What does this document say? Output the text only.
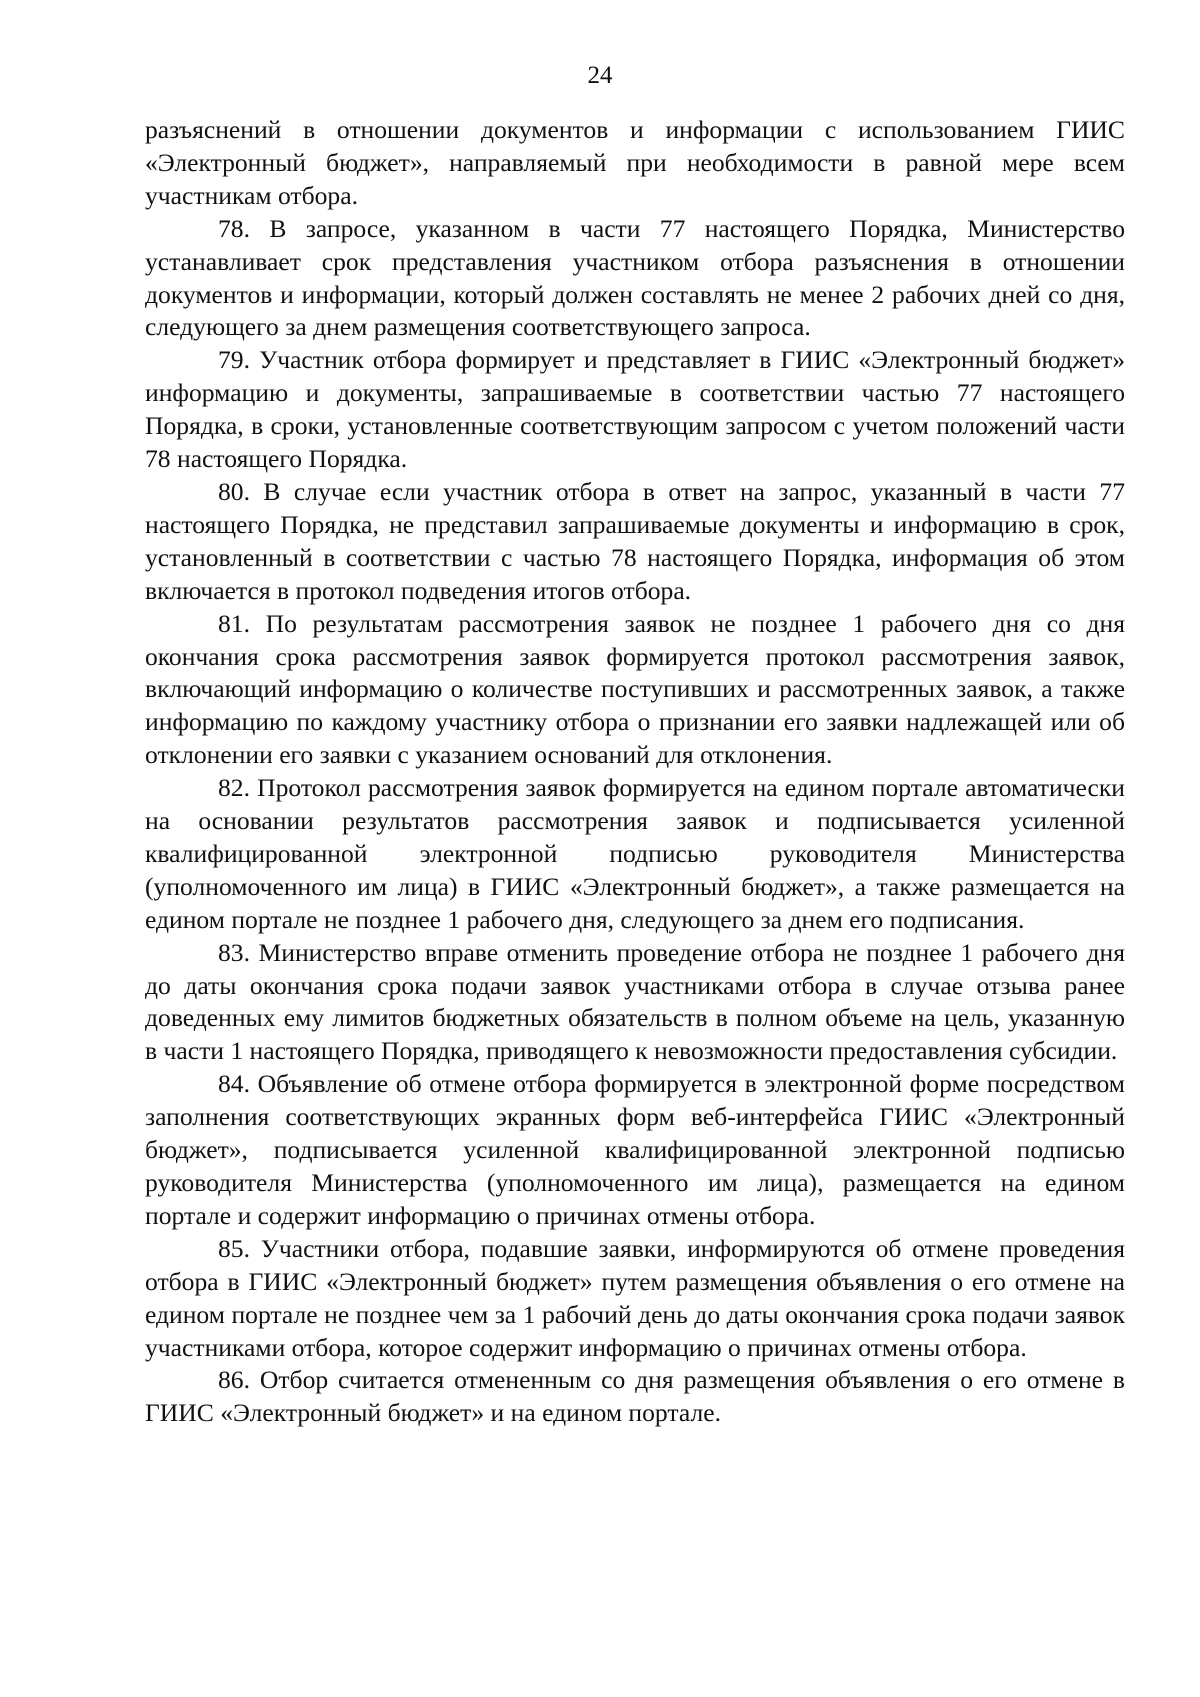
24

разъяснений в отношении документов и информации с использованием ГИИС «Электронный бюджет», направляемый при необходимости в равной мере всем участникам отбора.

78. В запросе, указанном в части 77 настоящего Порядка, Министерство устанавливает срок представления участником отбора разъяснения в отношении документов и информации, который должен составлять не менее 2 рабочих дней со дня, следующего за днем размещения соответствующего запроса.

79. Участник отбора формирует и представляет в ГИИС «Электронный бюджет» информацию и документы, запрашиваемые в соответствии частью 77 настоящего Порядка, в сроки, установленные соответствующим запросом с учетом положений части 78 настоящего Порядка.

80. В случае если участник отбора в ответ на запрос, указанный в части 77 настоящего Порядка, не представил запрашиваемые документы и информацию в срок, установленный в соответствии с частью 78 настоящего Порядка, информация об этом включается в протокол подведения итогов отбора.

81. По результатам рассмотрения заявок не позднее 1 рабочего дня со дня окончания срока рассмотрения заявок формируется протокол рассмотрения заявок, включающий информацию о количестве поступивших и рассмотренных заявок, а также информацию по каждому участнику отбора о признании его заявки надлежащей или об отклонении его заявки с указанием оснований для отклонения.

82. Протокол рассмотрения заявок формируется на едином портале автоматически на основании результатов рассмотрения заявок и подписывается усиленной квалифицированной электронной подписью руководителя Министерства (уполномоченного им лица) в ГИИС «Электронный бюджет», а также размещается на едином портале не позднее 1 рабочего дня, следующего за днем его подписания.

83. Министерство вправе отменить проведение отбора не позднее 1 рабочего дня до даты окончания срока подачи заявок участниками отбора в случае отзыва ранее доведенных ему лимитов бюджетных обязательств в полном объеме на цель, указанную в части 1 настоящего Порядка, приводящего к невозможности предоставления субсидии.

84. Объявление об отмене отбора формируется в электронной форме посредством заполнения соответствующих экранных форм веб-интерфейса ГИИС «Электронный бюджет», подписывается усиленной квалифицированной электронной подписью руководителя Министерства (уполномоченного им лица), размещается на едином портале и содержит информацию о причинах отмены отбора.

85. Участники отбора, подавшие заявки, информируются об отмене проведения отбора в ГИИС «Электронный бюджет» путем размещения объявления о его отмене на едином портале не позднее чем за 1 рабочий день до даты окончания срока подачи заявок участниками отбора, которое содержит информацию о причинах отмены отбора.

86. Отбор считается отмененным со дня размещения объявления о его отмене в ГИИС «Электронный бюджет» и на едином портале.
